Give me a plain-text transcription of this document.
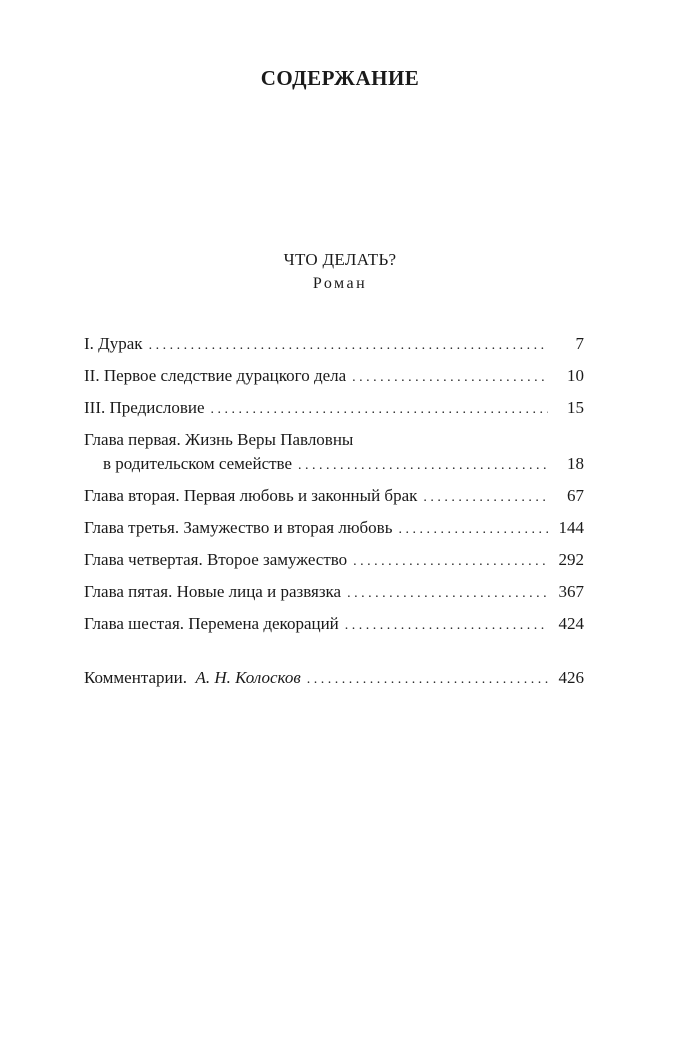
СОДЕРЖАНИЕ
ЧТО ДЕЛАТЬ?
Роман
I. Дурак . . .	7
II. Первое следствие дурацкого дела . . .	10
III. Предисловие . . .	15
Глава первая. Жизнь Веры Павловны
в родительском семействе . . .	18
Глава вторая. Первая любовь и законный брак . . .	67
Глава третья. Замужество и вторая любовь . . .	144
Глава четвертая. Второе замужество . . .	292
Глава пятая. Новые лица и развязка . . .	367
Глава шестая. Перемена декораций . . .	424
Комментарии. А. Н. Колосков . . .	426
